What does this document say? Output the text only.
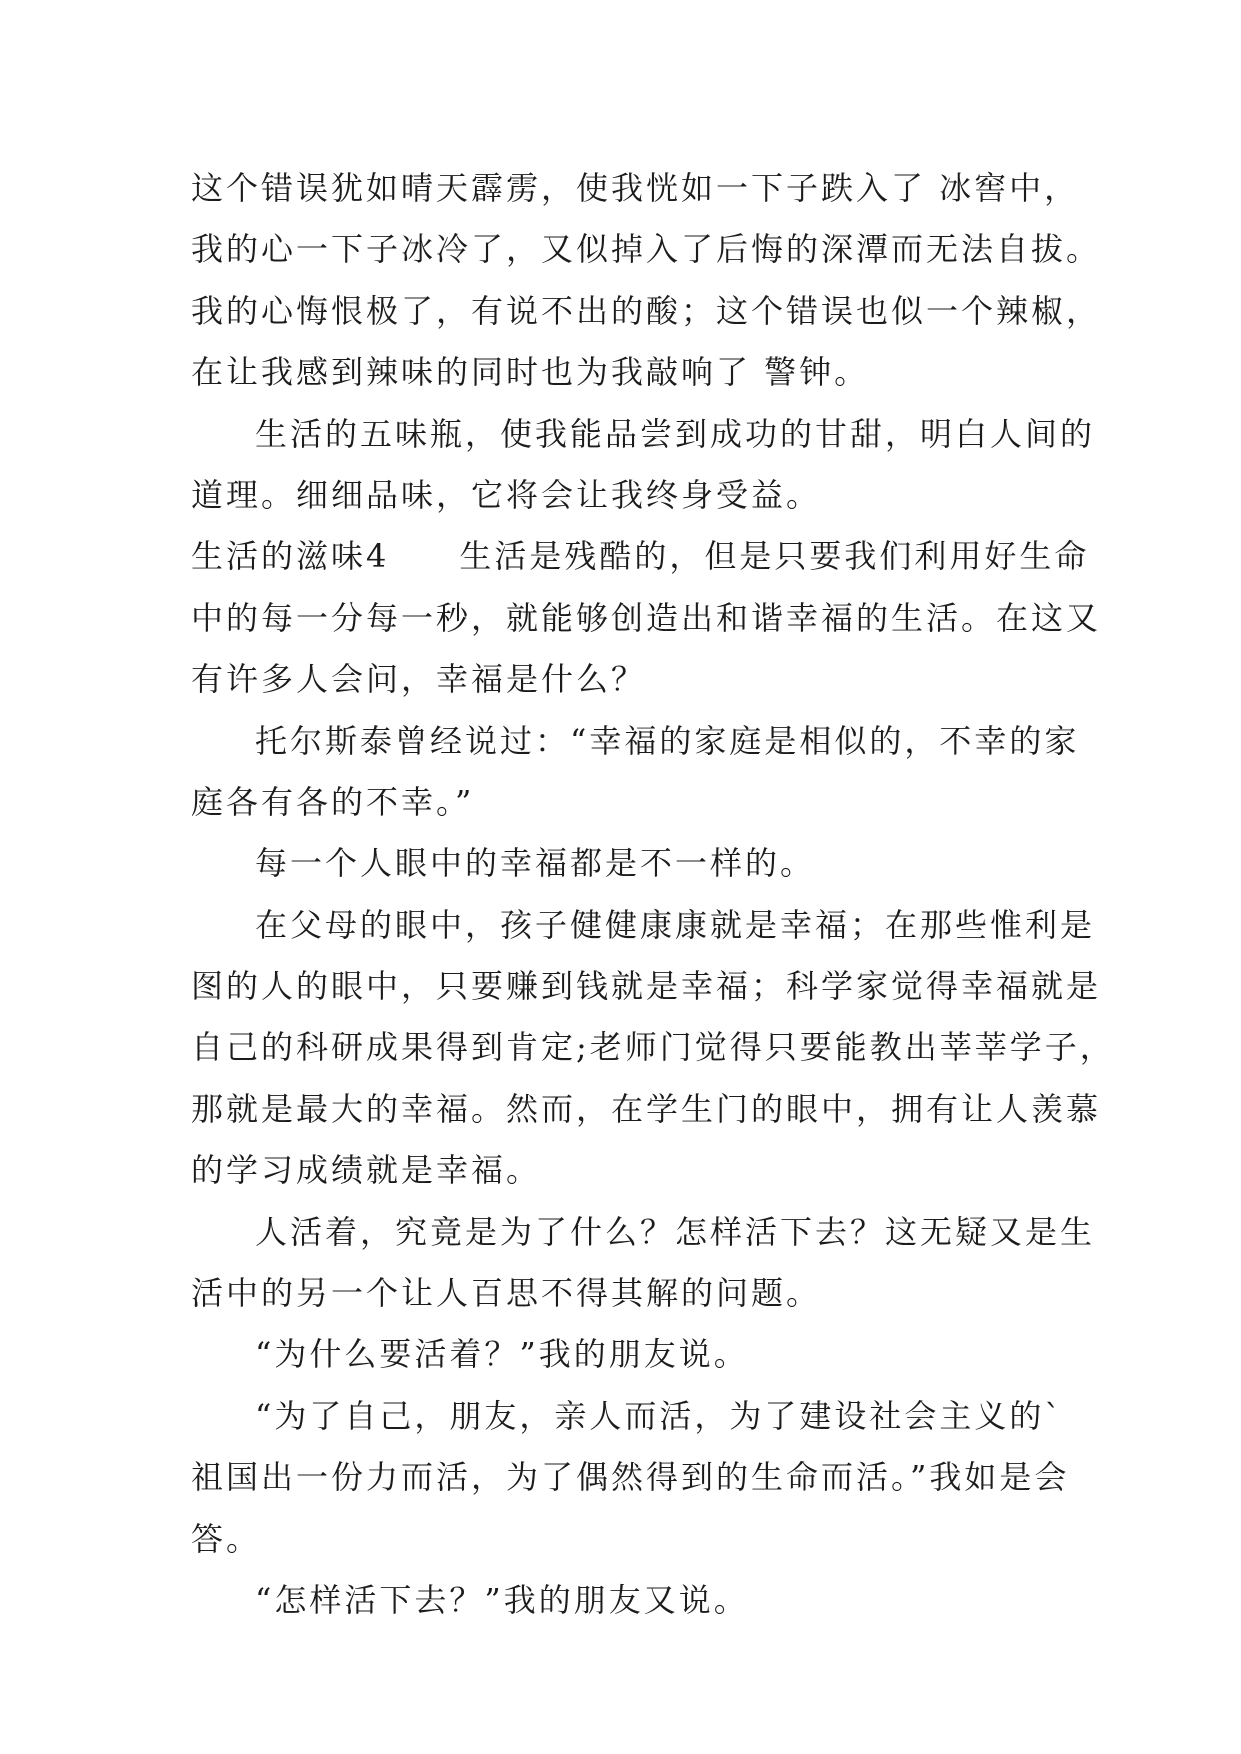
这个错误犹如晴天霹雳，使我恍如一下子跌入了 冰窖中，
我的心一下子冰冷了，又似掉入了后悔的深潭而无法自拔。
我的心悔恨极了，有说不出的酸；这个错误也似一个辣椒，
在让我感到辣味的同时也为我敲响了 警钟。
生活的五味瓶，使我能品尝到成功的甘甜，明白人间的
道理。细细品味，它将会让我终身受益。
生活的滋味4　　生活是残酷的，但是只要我们利用好生命
中的每一分每一秒，就能够创造出和谐幸福的生活。在这又
有许多人会问，幸福是什么？
托尔斯泰曾经说过：“幸福的家庭是相似的，不幸的家
庭各有各的不幸。”
每一个人眼中的幸福都是不一样的。
在父母的眼中，孩子健健康康就是幸福；在那些惟利是
图的人的眼中，只要赚到钱就是幸福；科学家觉得幸福就是
自己的科研成果得到肯定;老师门觉得只要能教出莘莘学子，
那就是最大的幸福。然而，在学生门的眼中，拥有让人羡慕
的学习成绩就是幸福。
人活着，究竟是为了什么？怎样活下去？这无疑又是生
活中的另一个让人百思不得其解的问题。
“为什么要活着？”我的朋友说。
“为了自己，朋友，亲人而活，为了建设社会主义的`
祖国出一份力而活，为了偶然得到的生命而活。”我如是会
答。
“怎样活下去？”我的朋友又说。
